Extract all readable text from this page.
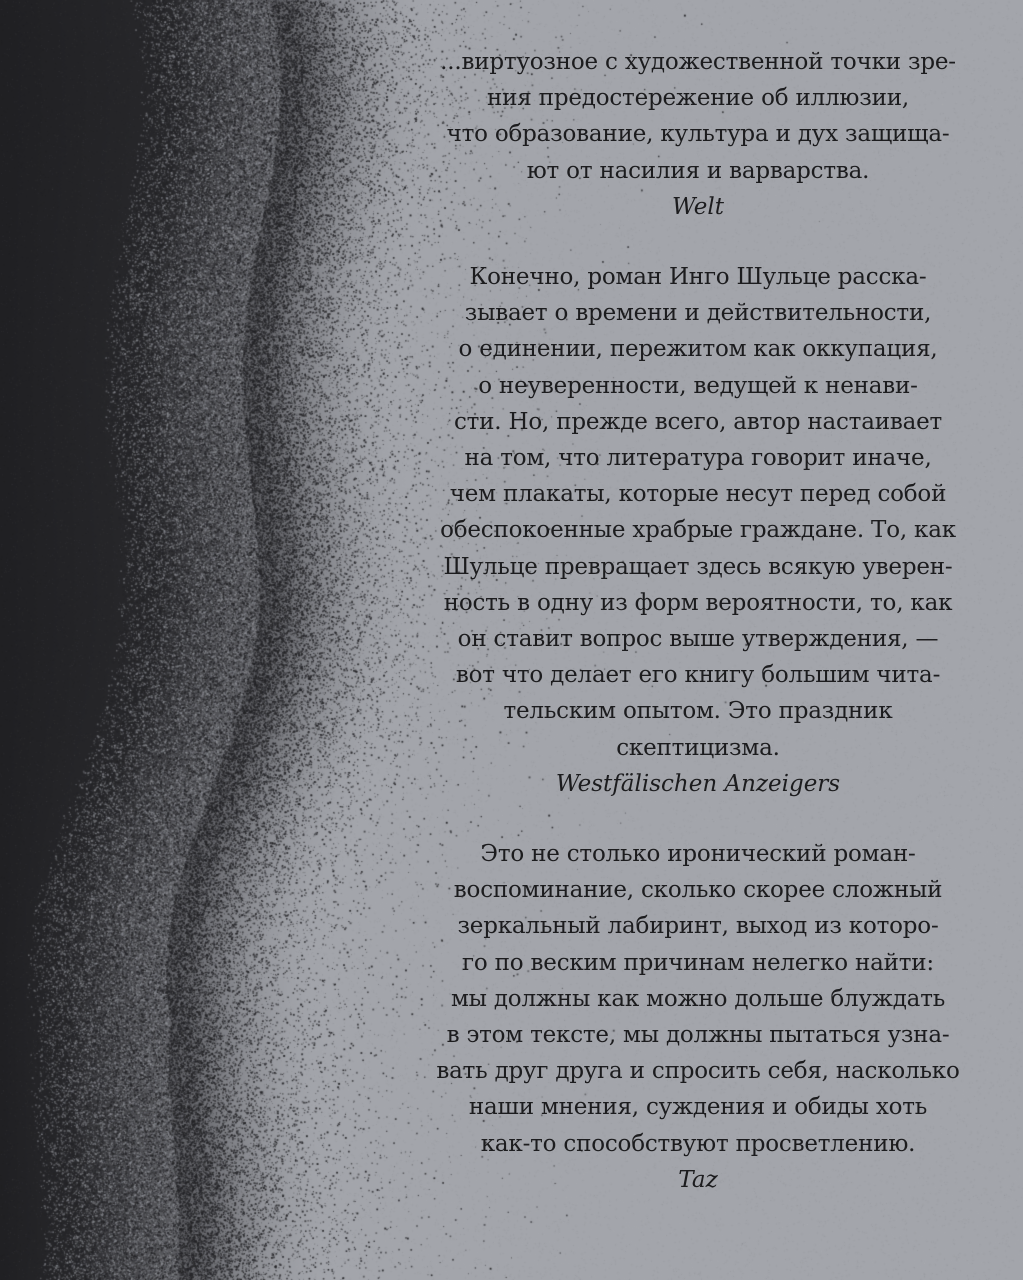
...виртуозное с художественной точки зре-
ния предостережение об иллюзии,
что образование, культура и дух защища-
ют от насилия и варварства.
Welt
Конечно, роман Инго Шульце расска-
зывает о времени и действительности,
о единении, пережитом как оккупация,
о неуверенности, ведущей к ненави-
сти. Но, прежде всего, автор настаивает
на том, что литература говорит иначе,
чем плакаты, которые несут перед собой
обеспокоенные храбрые граждане. То, как
Шульце превращает здесь всякую уверен-
ность в одну из форм вероятности, то, как
он ставит вопрос выше утверждения, —
вот что делает его книгу большим чита-
тельским опытом. Это праздник
скептицизма.
Westfälischen Anzeigers
Это не столько иронический роман-
воспоминание, сколько скорее сложный
зеркальный лабиринт, выход из которо-
го по веским причинам нелегко найти:
мы должны как можно дольше блуждать
в этом тексте, мы должны пытаться узна-
вать друг друга и спросить себя, насколько
наши мнения, суждения и обиды хоть
как-то способствуют просветлению.
Taz
